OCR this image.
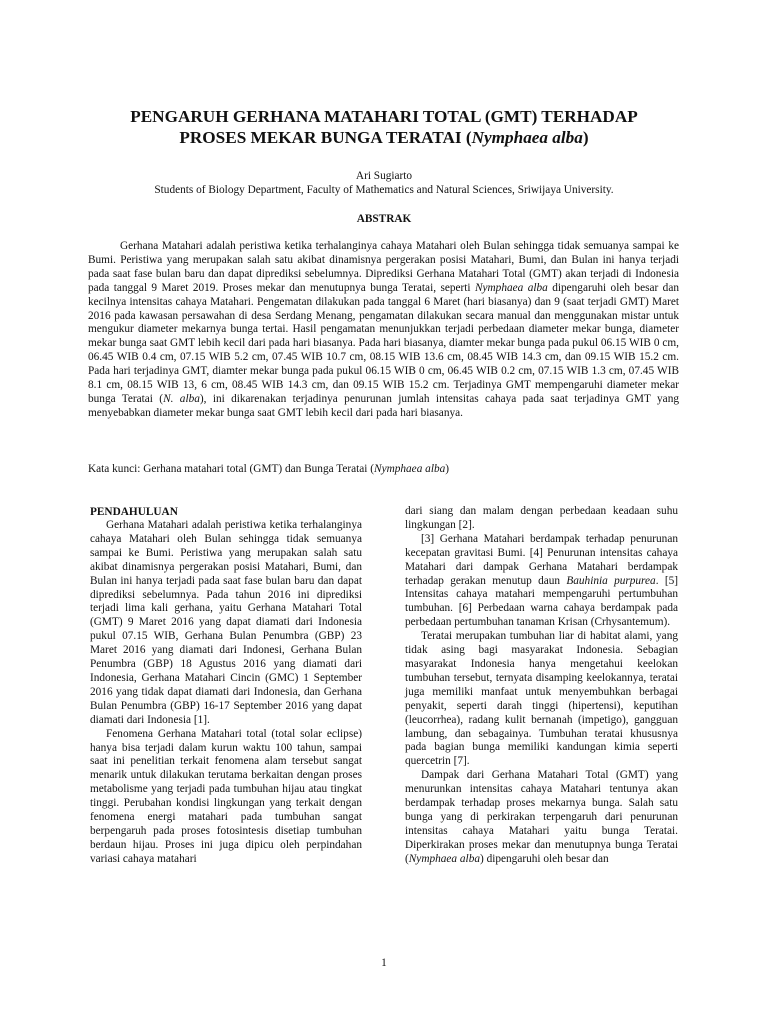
PENGARUH GERHANA MATAHARI TOTAL (GMT) TERHADAP
PROSES MEKAR BUNGA TERATAI (Nymphaea alba)

Ari Sugiarto

Students of Biology Department, Faculty of Mathematics and Natural Sciences, Sriwijaya University.

ABSTRAK

Gerhana Matahari adalah peristiwa ketika terhalanginya cahaya Matahari oleh Bulan sehingga tidak semuanya sampai ke Bumi. Peristiwa yang merupakan salah satu akibat dinamisnya pergerakan posisi Matahari, Bumi, dan Bulan ini hanya terjadi pada saat fase bulan baru dan dapat diprediksi sebelumnya. Diprediksi Gerhana Matahari Total (GMT) akan terjadi di Indonesia pada tanggal 9 Maret 2019. Proses mekar dan menutupnya bunga Teratai, seperti Nymphaea alba dipengaruhi oleh besar dan kecilnya intensitas cahaya Matahari. Pengematan dilakukan pada tanggal 6 Maret (hari biasanya) dan 9 (saat terjadi GMT) Maret 2016 pada kawasan persawahan di desa Serdang Menang, pengamatan dilakukan secara manual dan menggunakan mistar untuk mengukur diameter mekarnya bunga tertai. Hasil pengamatan menunjukkan terjadi perbedaan diameter mekar bunga, diameter mekar bunga saat GMT lebih kecil dari pada hari biasanya. Pada hari biasanya, diamter mekar bunga pada pukul 06.15 WIB 0 cm, 06.45 WIB 0.4 cm, 07.15 WIB 5.2 cm, 07.45 WIB 10.7 cm, 08.15 WIB 13.6 cm, 08.45 WIB 14.3 cm, dan 09.15 WIB 15.2 cm. Pada hari terjadinya GMT, diamter mekar bunga pada pukul 06.15 WIB 0 cm, 06.45 WIB 0.2 cm, 07.15 WIB 1.3 cm, 07.45 WIB 8.1 cm, 08.15 WIB 13, 6 cm, 08.45 WIB 14.3 cm, dan 09.15 WIB 15.2 cm. Terjadinya GMT mempengaruhi diameter mekar bunga Teratai (N. alba), ini dikarenakan terjadinya penurunan jumlah intensitas cahaya pada saat terjadinya GMT yang menyebabkan diameter mekar bunga saat GMT lebih kecil dari pada hari biasanya.

Kata kunci: Gerhana matahari total (GMT) dan Bunga Teratai (Nymphaea alba)

PENDAHULUAN

Gerhana Matahari adalah peristiwa ketika terhalanginya cahaya Matahari oleh Bulan sehingga tidak semuanya sampai ke Bumi. Peristiwa yang merupakan salah satu akibat dinamisnya pergerakan posisi Matahari, Bumi, dan Bulan ini hanya terjadi pada saat fase bulan baru dan dapat diprediksi sebelumnya. Pada tahun 2016 ini diprediksi terjadi lima kali gerhana, yaitu Gerhana Matahari Total (GMT) 9 Maret 2016 yang dapat diamati dari Indonesia pukul 07.15 WIB, Gerhana Bulan Penumbra (GBP) 23 Maret 2016 yang diamati dari Indonesi, Gerhana Bulan Penumbra (GBP) 18 Agustus 2016 yang diamati dari Indonesia, Gerhana Matahari Cincin (GMC) 1 September 2016 yang tidak dapat diamati dari Indonesia, dan Gerhana Bulan Penumbra (GBP) 16-17 September 2016 yang dapat diamati dari Indonesia [1].

Fenomena Gerhana Matahari total (total solar eclipse) hanya bisa terjadi dalam kurun waktu 100 tahun, sampai saat ini penelitian terkait fenomena alam tersebut sangat menarik untuk dilakukan terutama berkaitan dengan proses metabolisme yang terjadi pada tumbuhan hijau atau tingkat tinggi. Perubahan kondisi lingkungan yang terkait dengan fenomena energi matahari pada tumbuhan sangat berpengaruh pada proses fotosintesis disetiap tumbuhan berdaun hijau. Proses ini juga dipicu oleh perpindahan variasi cahaya matahari

dari siang dan malam dengan perbedaan keadaan suhu lingkungan [2].

[3] Gerhana Matahari berdampak terhadap penurunan kecepatan gravitasi Bumi. [4] Penurunan intensitas cahaya Matahari dari dampak Gerhana Matahari berdampak terhadap gerakan menutup daun Bauhinia purpurea. [5] Intensitas cahaya matahari mempengaruhi pertumbuhan tumbuhan. [6] Perbedaan warna cahaya berdampak pada perbedaan pertumbuhan tanaman Krisan (Crhysantemum).

Teratai merupakan tumbuhan liar di habitat alami, yang tidak asing bagi masyarakat Indonesia. Sebagian masyarakat Indonesia hanya mengetahui keelokan tumbuhan tersebut, ternyata disamping keelokannya, teratai juga memiliki manfaat untuk menyembuhkan berbagai penyakit, seperti darah tinggi (hipertensi), keputihan (leucorrhea), radang kulit bernanah (impetigo), gangguan lambung, dan sebagainya. Tumbuhan teratai khususnya pada bagian bunga memiliki kandungan kimia seperti quercetrin [7].

Dampak dari Gerhana Matahari Total (GMT) yang menurunkan intensitas cahaya Matahari tentunya akan berdampak terhadap proses mekarnya bunga. Salah satu bunga yang di perkirakan terpengaruh dari penurunan intensitas cahaya Matahari yaitu bunga Teratai. Diperkirakan proses mekar dan menutupnya bunga Teratai (Nymphaea alba) dipengaruhi oleh besar dan

1
